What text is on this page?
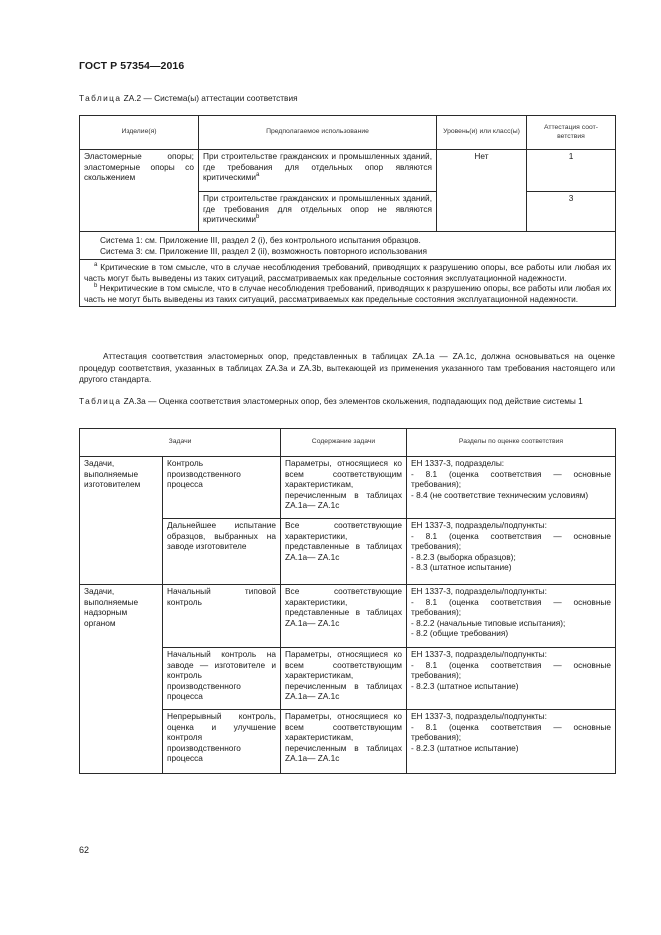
ГОСТ Р 57354—2016
Таблица ZA.2 — Система(ы) аттестации соответствия
Изделие(я)	Предполагаемое использование	Уровень(и) или класс(ы)	Аттестация соот-ветствия
Эластомерные опоры; эластомерные опоры со скольжением	При строительстве гражданских и промышленных зданий, где требования для отдельных опор являются критическими$^a$	Нет	1
	При строительстве гражданских и промышленных зданий, где требования для отдельных опор не являются критическими$^b$		3

Система 1: см. Приложение III, раздел 2 (i), без контрольного испытания образцов.
Система 3: см. Приложение III, раздел 2 (ii), возможность повторного использования			

$^a$ Критические в том смысле, что в случае несоблюдения требований, приводящих к разрушению опоры, все работы или любая их часть могут быть выведены из таких ситуаций, рассматриваемых как предельные состояния эксплуатационной надежности.

$^b$ Некритические в том смысле, что в случае несоблюдения требований, приводящих к разрушению опоры, все работы или любая их часть не могут быть выведены из таких ситуаций, рассматриваемых как предельные состояния эксплуатационной надежности.			

Аттестация соответствия эластомерных опор, представленных в таблицах ZA.1a — ZA.1c, должна основываться на оценке процедур соответствия, указанных в таблицах ZA.3a и ZA.3b, вытекающей из применения указанного там требования настоящего или другого стандарта.
Таблица ZA.3a — Оценка соответствия эластомерных опор, без элементов скольжения, подпадающих под действие системы 1
Задачи		Содержание задачи	Разделы по оценке соответствия
Задачи, выполняемые изготовителем	Контроль производственного процесса	Параметры, относящиеся ко всем соответствующим характеристикам, перечисленным в таблицах ZA.1a— ZA.1c	ЕН 1337-3, подразделы:
- 8.1 (оценка соответствия — основные требования);
- 8.4 (не соответствие техническим условиям)

	Дальнейшее испытание образцов, выбранных на заводе изготовителе	Все соответствующие характеристики, представленные в таблицах ZA.1a— ZA.1c	ЕН 1337-3, подразделы/подпункты:
- 8.1 (оценка соответствия — основные требования);
- 8.2.3 (выборка образцов);
- 8.3 (штатное испытание)

Задачи, выполняемые надзорным органом	Начальный типовой контроль	Все соответствующие характеристики, представленные в таблицах ZA.1a— ZA.1c	ЕН 1337-3, подразделы/подпункты:
- 8.1 (оценка соответствия — основные требования);
- 8.2.2 (начальные типовые испытания);
- 8.2 (общие требования)

	Начальный контроль на заводе — изготовителе и контроль производственного процесса	Параметры, относящиеся ко всем соответствующим характеристикам, перечисленным в таблицах ZA.1a— ZA.1c	ЕН 1337-3, подразделы/подпункты:
- 8.1 (оценка соответствия — основные требования);
- 8.2.3 (штатное испытание)

	Непрерывный контроль, оценка и улучшение контроля производственного процесса	Параметры, относящиеся ко всем соответствующим характеристикам, перечисленным в таблицах ZA.1a— ZA.1c	ЕН 1337-3, подразделы/подпункты:
- 8.1 (оценка соответствия — основные требования);
- 8.2.3 (штатное испытание)
62
